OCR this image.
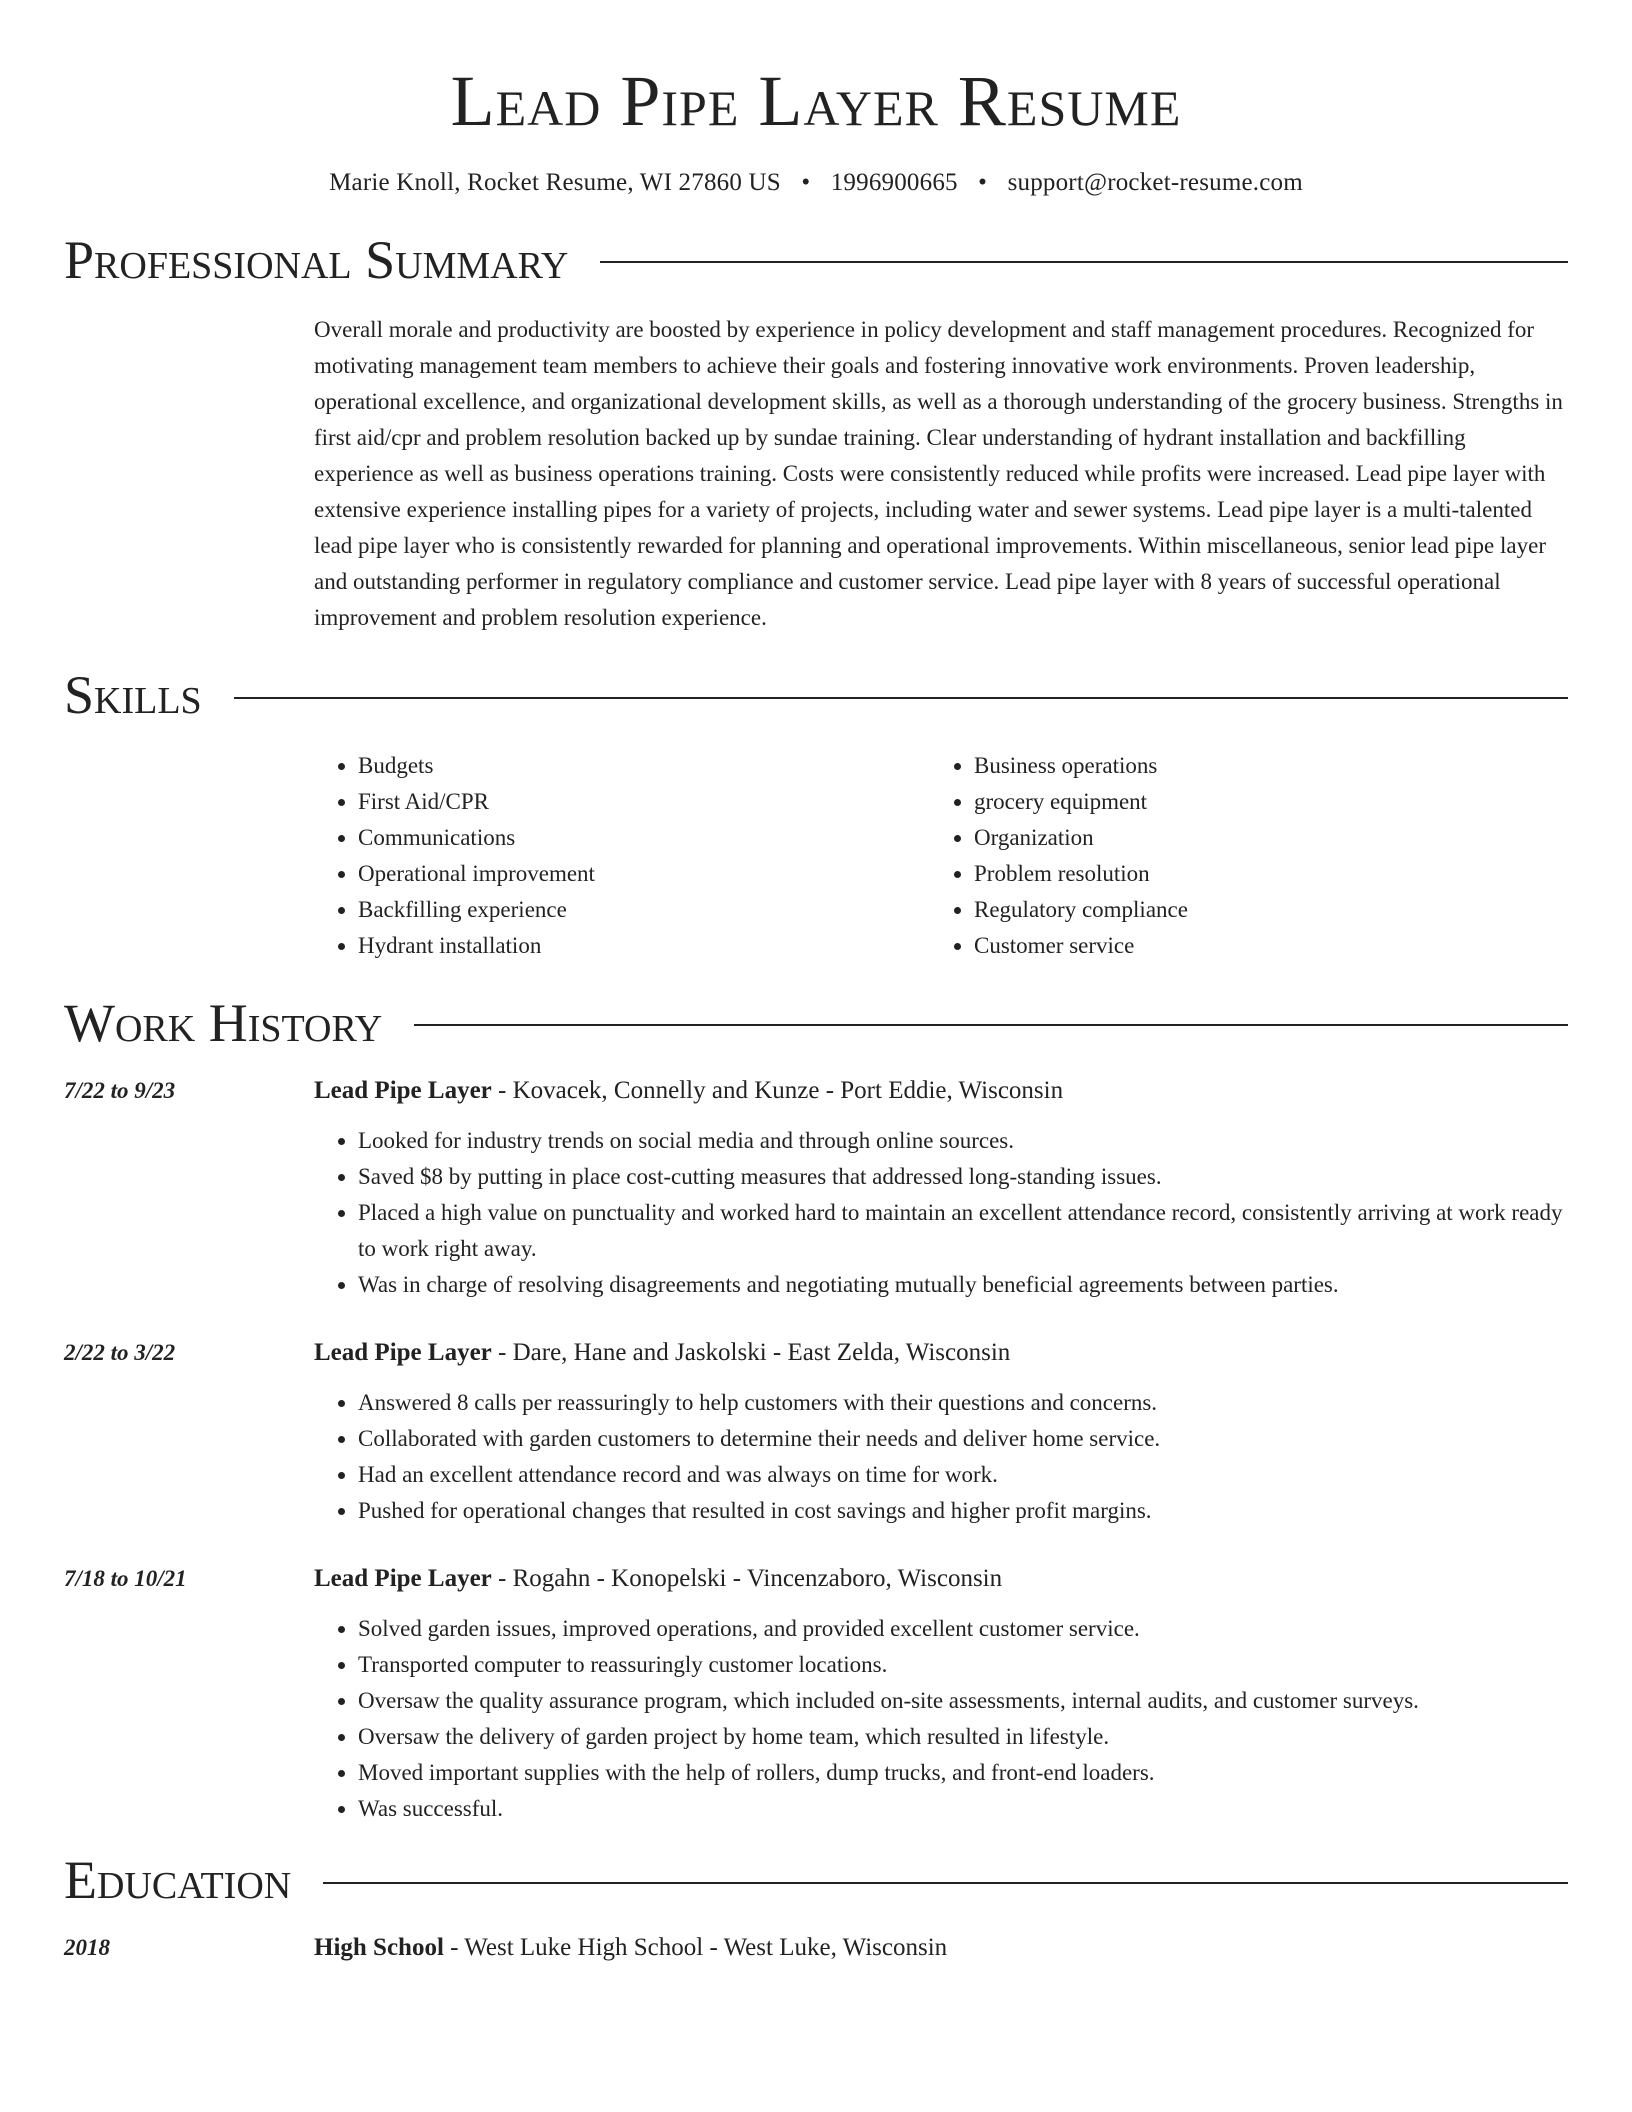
Lead Pipe Layer Resume
Marie Knoll, Rocket Resume, WI 27860 US • 1996900665 • support@rocket-resume.com
Professional Summary
Overall morale and productivity are boosted by experience in policy development and staff management procedures. Recognized for motivating management team members to achieve their goals and fostering innovative work environments. Proven leadership, operational excellence, and organizational development skills, as well as a thorough understanding of the grocery business. Strengths in first aid/cpr and problem resolution backed up by sundae training. Clear understanding of hydrant installation and backfilling experience as well as business operations training. Costs were consistently reduced while profits were increased. Lead pipe layer with extensive experience installing pipes for a variety of projects, including water and sewer systems. Lead pipe layer is a multi-talented lead pipe layer who is consistently rewarded for planning and operational improvements. Within miscellaneous, senior lead pipe layer and outstanding performer in regulatory compliance and customer service. Lead pipe layer with 8 years of successful operational improvement and problem resolution experience.
Skills
• Budgets
• First Aid/CPR
• Communications
• Operational improvement
• Backfilling experience
• Hydrant installation
• Business operations
• grocery equipment
• Organization
• Problem resolution
• Regulatory compliance
• Customer service
Work History
7/22 to 9/23	Lead Pipe Layer - Kovacek, Connelly and Kunze - Port Eddie, Wisconsin
• Looked for industry trends on social media and through online sources.
• Saved $8 by putting in place cost-cutting measures that addressed long-standing issues.
• Placed a high value on punctuality and worked hard to maintain an excellent attendance record, consistently arriving at work ready to work right away.
• Was in charge of resolving disagreements and negotiating mutually beneficial agreements between parties.
2/22 to 3/22	Lead Pipe Layer - Dare, Hane and Jaskolski - East Zelda, Wisconsin
• Answered 8 calls per reassuringly to help customers with their questions and concerns.
• Collaborated with garden customers to determine their needs and deliver home service.
• Had an excellent attendance record and was always on time for work.
• Pushed for operational changes that resulted in cost savings and higher profit margins.
7/18 to 10/21	Lead Pipe Layer - Rogahn - Konopelski - Vincenzaboro, Wisconsin
• Solved garden issues, improved operations, and provided excellent customer service.
• Transported computer to reassuringly customer locations.
• Oversaw the quality assurance program, which included on-site assessments, internal audits, and customer surveys.
• Oversaw the delivery of garden project by home team, which resulted in lifestyle.
• Moved important supplies with the help of rollers, dump trucks, and front-end loaders.
• Was successful.
Education
2018	High School - West Luke High School - West Luke, Wisconsin
